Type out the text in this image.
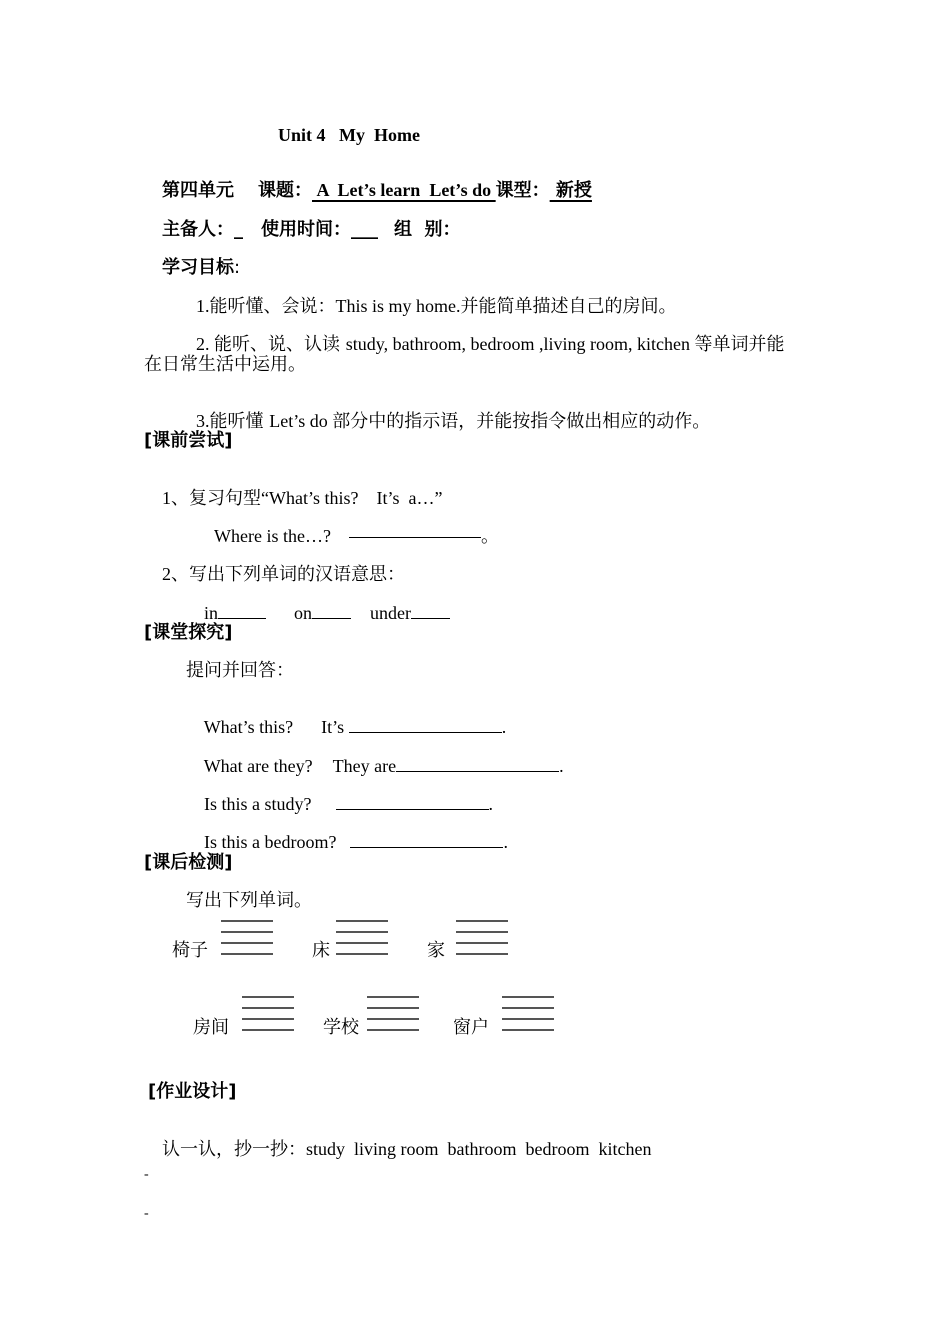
Unit 4   My  Home

第四单元 课题： A  Let’s learn  Let’s do 课型： 新授

主备人：_ 使用时间：___ 组  别：

学习目标:

1.能听懂、会说：This is my home.并能简单描述自己的房间。

2. 能听、说、认读 study, bathroom, bedroom ,living room, kitchen 等单词并能

在日常生活中运用。

3.能听懂 Let’s do 部分中的指示语，并能按指令做出相应的动作。

[课前尝试]

1、复习句型“What’s this?    It’s  a…”

Where is the…?	。

2、写出下列单词的汉语意思：

in	on	under

[课堂探究]
提问并回答：

What’s this? It’s	.

What are they? They are	.

Is this a study?	.

Is this a bedroom?	.

[课后检测]
写出下列单词。
椅子	床	家
房间	学校	窗户
[作业设计]

认一认，抄一抄：study  living room  bathroom  bedroom  kitchen

-
-
